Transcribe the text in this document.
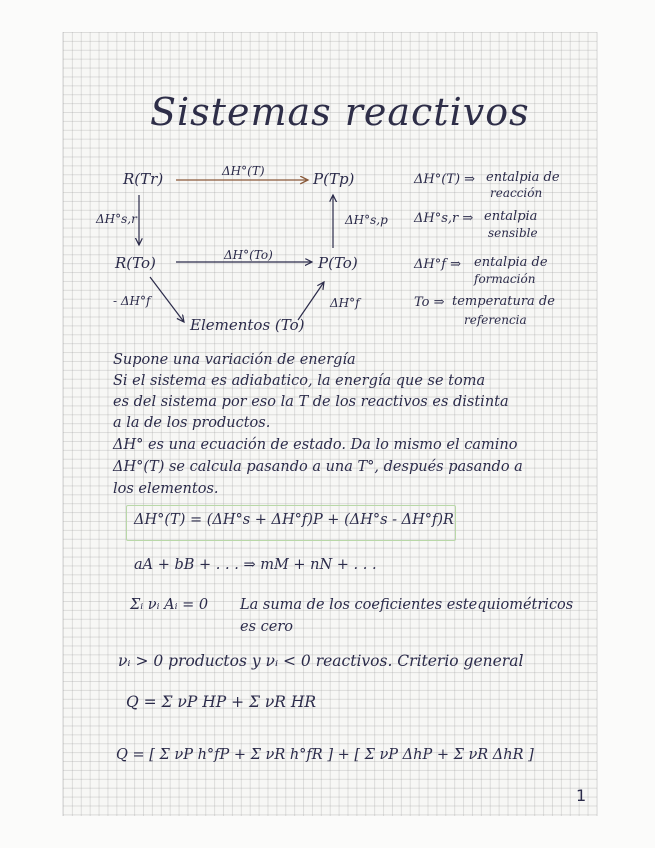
Sistemas reactivos
R(Tr)	P(Tp)
R(To)	P(To)
Elementos (To)
ΔH°(T)
ΔH°(To)
ΔH°s,r	ΔH°s,p
- ΔH°f	ΔH°f
ΔH°(T) ⇒ entalpia de
reacción
ΔH°s,r ⇒ entalpia
sensible
ΔH°f ⇒ entalpia de
formación
To ⇒ temperatura de
referencia
Supone una variación de energía
Si el sistema es adiabatico, la energía que se toma
es del sistema por eso la T de los reactivos es distinta
a la de los productos.
ΔH° es una ecuación de estado. Da lo mismo el camino
ΔH°(T) se calcula pasando a una T°, después pasando a
los elementos.
ΔH°(T) = (ΔH°s + ΔH°f)P + (ΔH°s - ΔH°f)R
aA + bB + . . . ⇒ mM + nN + . . .
Σᵢ νᵢ Aᵢ = 0 La suma de los coeficientes estequiométricos
es cero
νᵢ > 0 productos y νᵢ < 0 reactivos. Criterio general
Q = Σ νP HP + Σ νR HR
Q = [ Σ νP h°fP + Σ νR h°fR ] + [ Σ νP ΔhP + Σ νR ΔhR ]
1
